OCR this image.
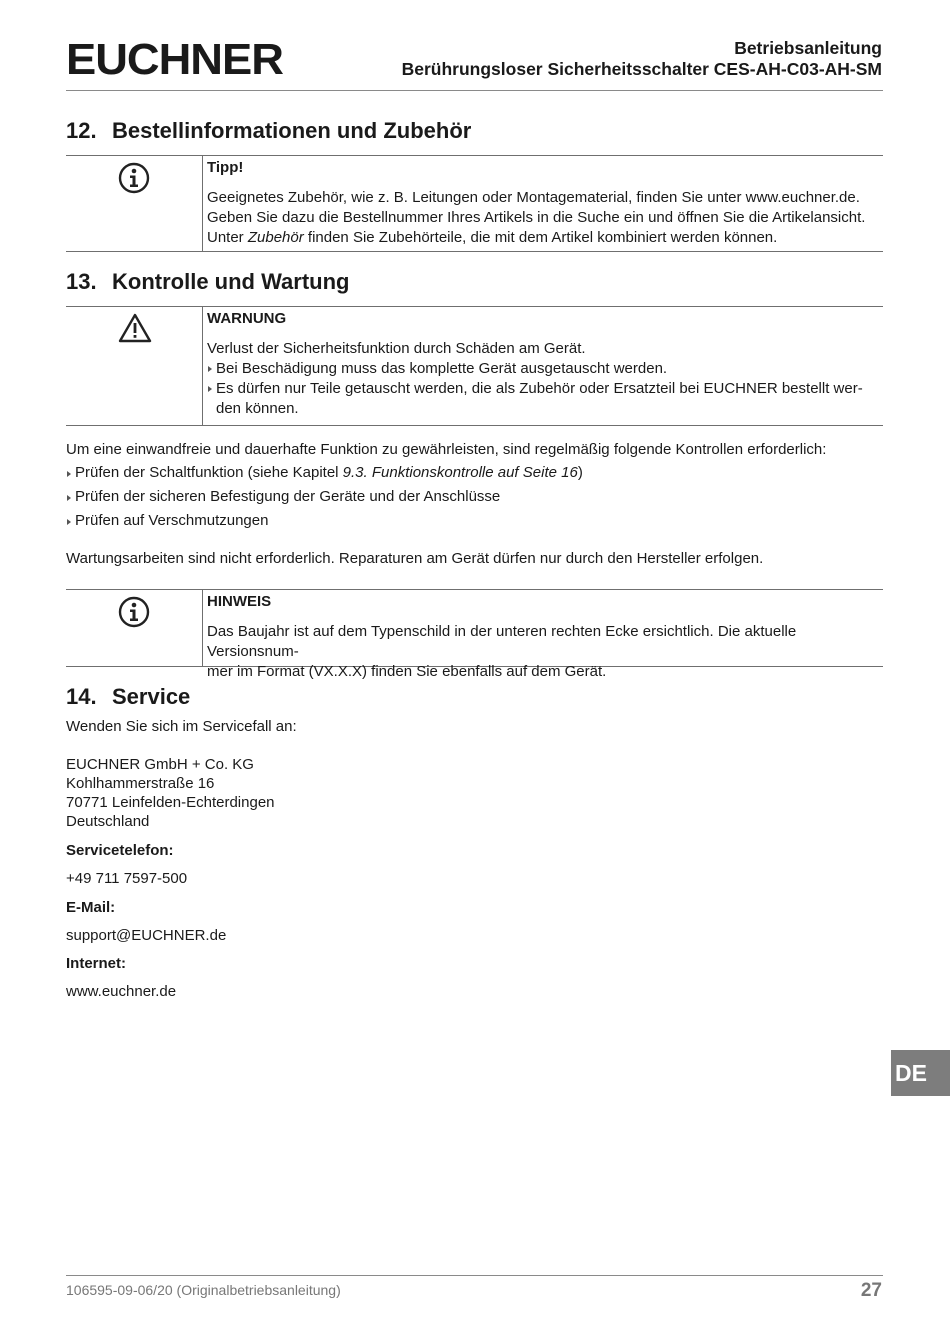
EUCHNER	Betriebsanleitung
Berührungsloser Sicherheitsschalter CES-AH-C03-AH-SM
12. Bestellinformationen und Zubehör
Tipp!
Geeignetes Zubehör, wie z. B. Leitungen oder Montagematerial, finden Sie unter www.euchner.de.
Geben Sie dazu die Bestellnummer Ihres Artikels in die Suche ein und öffnen Sie die Artikelansicht.
Unter Zubehör finden Sie Zubehörteile, die mit dem Artikel kombiniert werden können.
13. Kontrolle und Wartung
WARNUNG
Verlust der Sicherheitsfunktion durch Schäden am Gerät.
Bei Beschädigung muss das komplette Gerät ausgetauscht werden.
Es dürfen nur Teile getauscht werden, die als Zubehör oder Ersatzteil bei EUCHNER bestellt wer-
den können.
Um eine einwandfreie und dauerhafte Funktion zu gewährleisten, sind regelmäßig folgende Kontrollen erforderlich:
Prüfen der Schaltfunktion (siehe Kapitel 9.3. Funktionskontrolle auf Seite 16)
Prüfen der sicheren Befestigung der Geräte und der Anschlüsse
Prüfen auf Verschmutzungen
Wartungsarbeiten sind nicht erforderlich. Reparaturen am Gerät dürfen nur durch den Hersteller erfolgen.
HINWEIS
Das Baujahr ist auf dem Typenschild in der unteren rechten Ecke ersichtlich. Die aktuelle Versionsnum-
mer im Format (VX.X.X) finden Sie ebenfalls auf dem Gerät.
14. Service
Wenden Sie sich im Servicefall an:
EUCHNER GmbH + Co. KG
Kohlhammerstraße 16
70771 Leinfelden-Echterdingen
Deutschland
Servicetelefon:
+49 711 7597-500
E-Mail:
support@EUCHNER.de
Internet:
www.euchner.de
DE
106595-09-06/20 (Originalbetriebsanleitung)	27
